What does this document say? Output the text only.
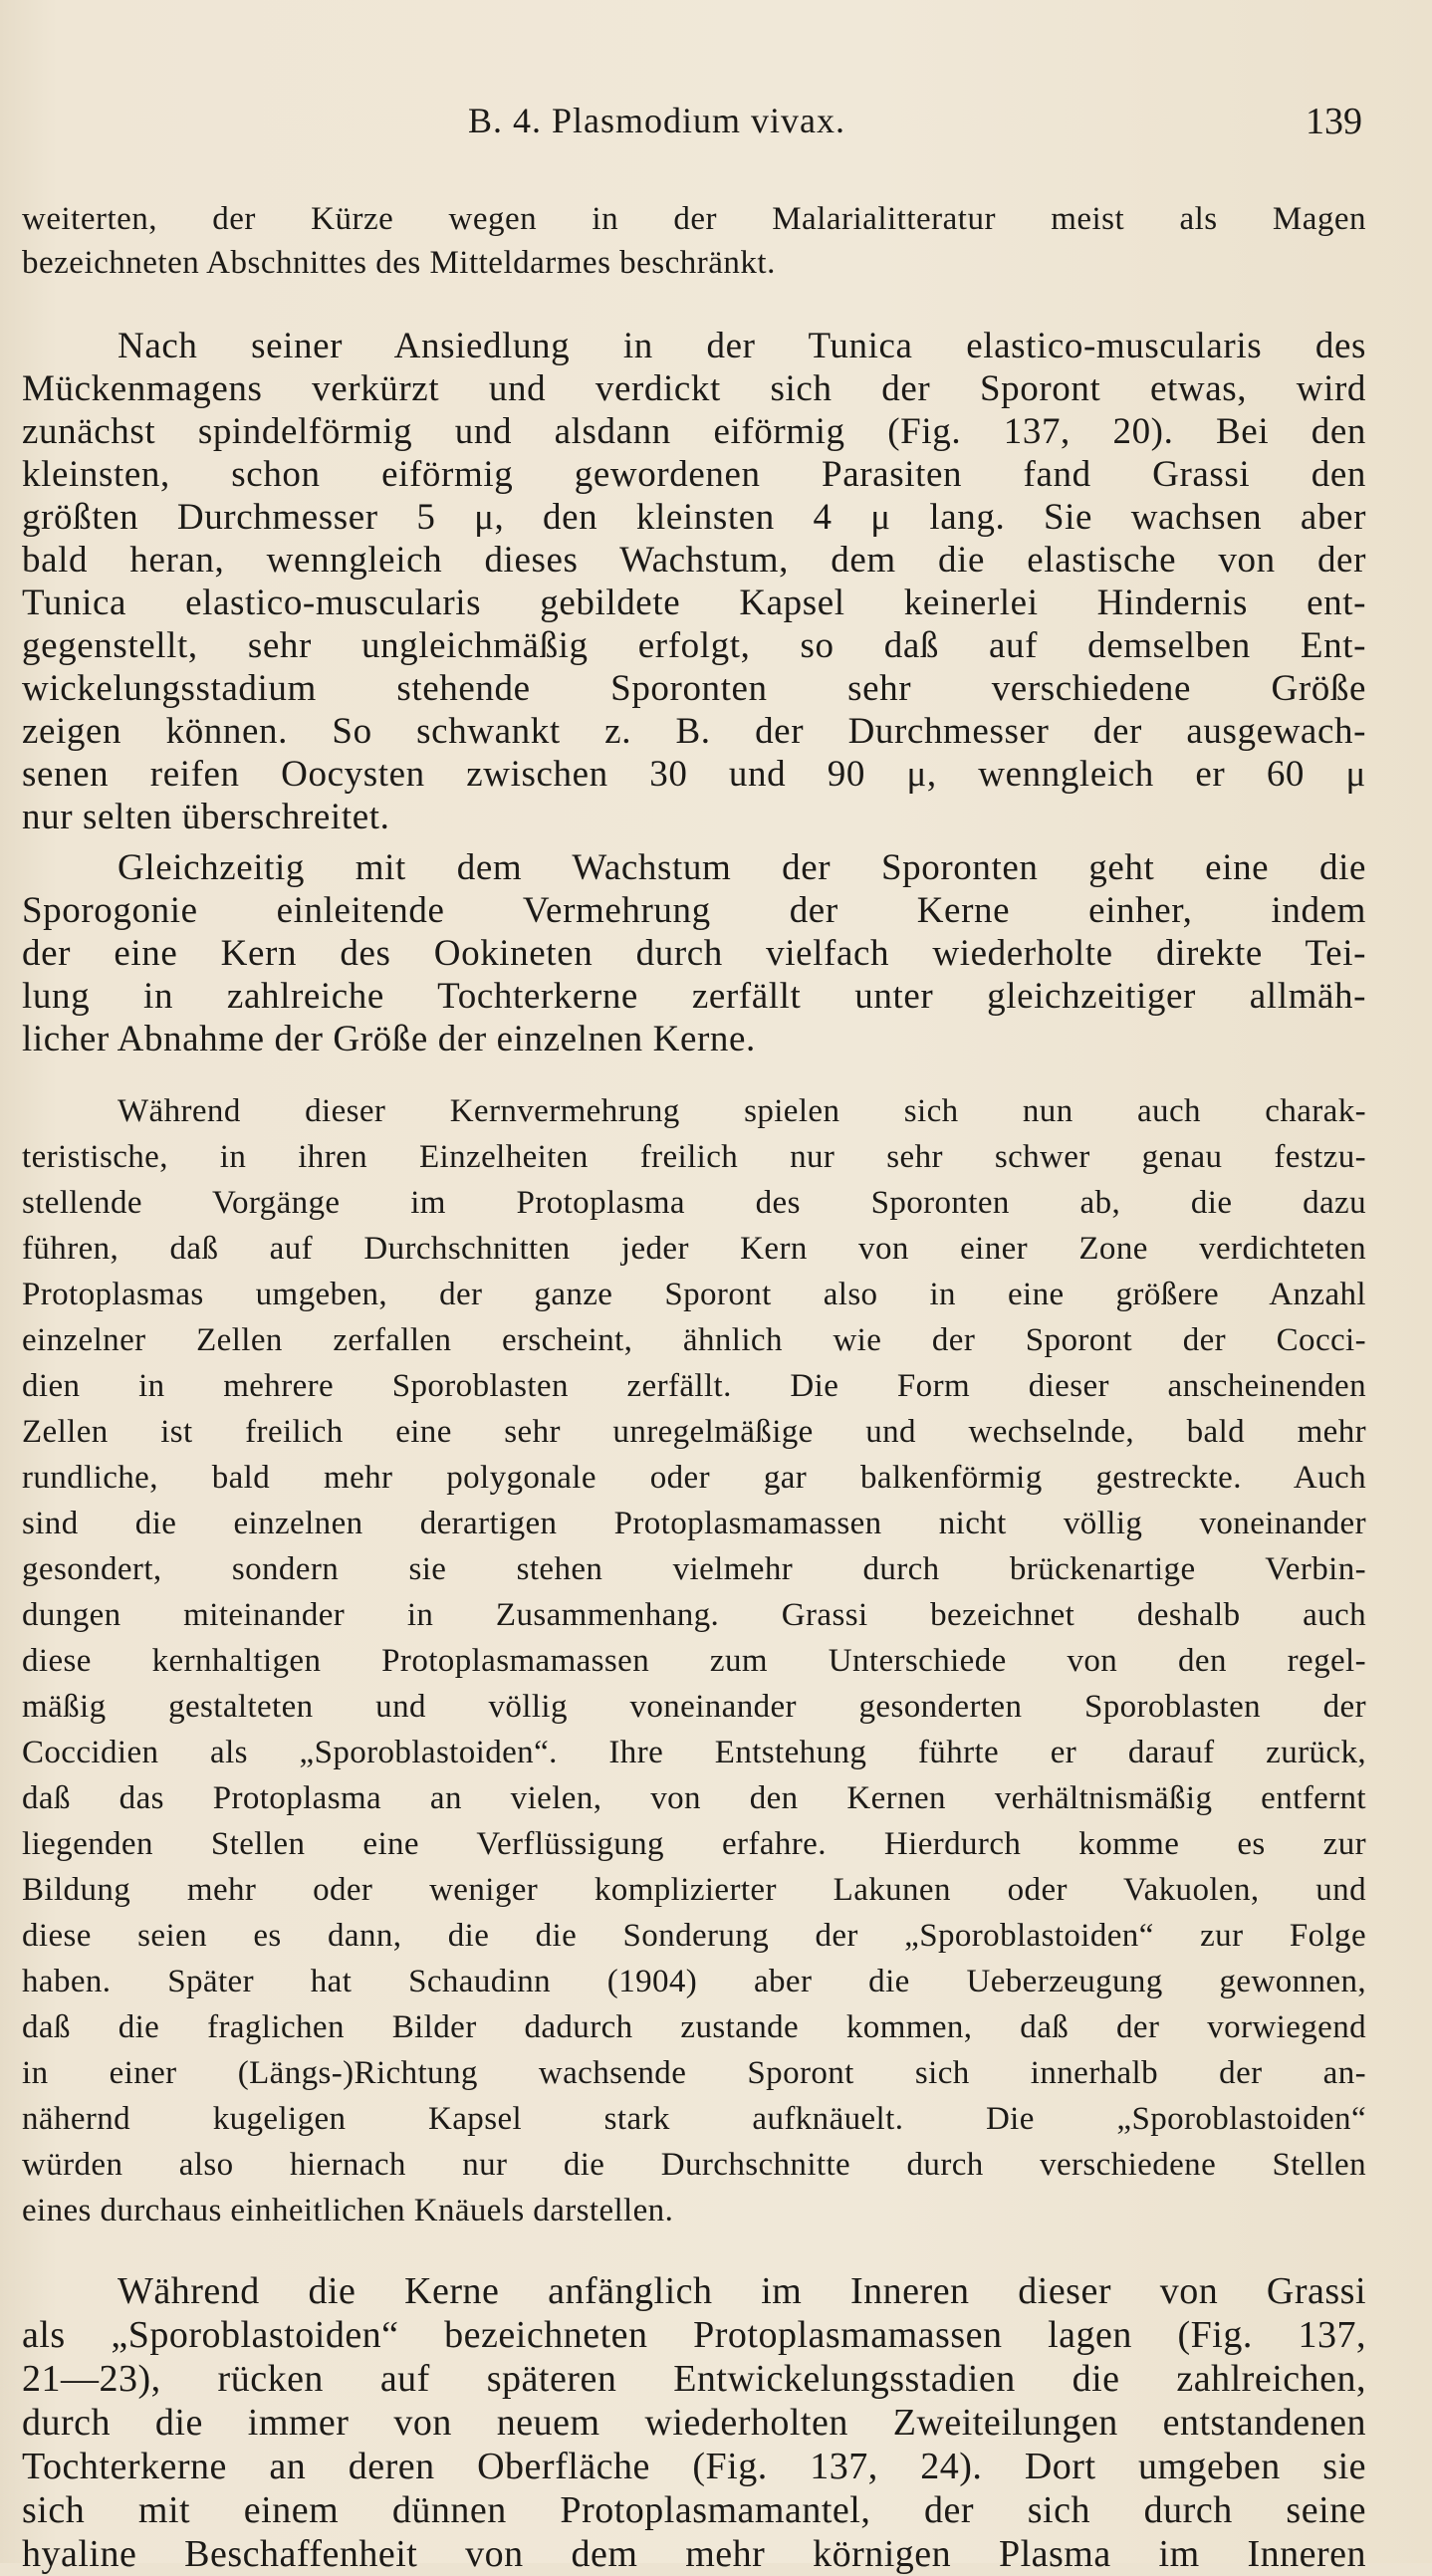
B. 4. Plasmodium vivax.	139
weiterten, der Kürze wegen in der Malarialitteratur meist als Magen
bezeichneten Abschnittes des Mitteldarmes beschränkt.
Nach seiner Ansiedlung in der Tunica elastico-muscularis des
Mückenmagens verkürzt und verdickt sich der Sporont etwas, wird
zunächst spindelförmig und alsdann eiförmig (Fig. 137, 20). Bei den
kleinsten, schon eiförmig gewordenen Parasiten fand Grassi den
größten Durchmesser 5 μ, den kleinsten 4 μ lang. Sie wachsen aber
bald heran, wenngleich dieses Wachstum, dem die elastische von der
Tunica elastico-muscularis gebildete Kapsel keinerlei Hindernis ent-
gegenstellt, sehr ungleichmäßig erfolgt, so daß auf demselben Ent-
wickelungsstadium stehende Sporonten sehr verschiedene Größe
zeigen können. So schwankt z. B. der Durchmesser der ausgewach-
senen reifen Oocysten zwischen 30 und 90 μ, wenngleich er 60 μ
nur selten überschreitet.
Gleichzeitig mit dem Wachstum der Sporonten geht eine die
Sporogonie einleitende Vermehrung der Kerne einher, indem
der eine Kern des Ookineten durch vielfach wiederholte direkte Tei-
lung in zahlreiche Tochterkerne zerfällt unter gleichzeitiger allmäh-
licher Abnahme der Größe der einzelnen Kerne.
Während dieser Kernvermehrung spielen sich nun auch charak-
teristische, in ihren Einzelheiten freilich nur sehr schwer genau festzu-
stellende Vorgänge im Protoplasma des Sporonten ab, die dazu
führen, daß auf Durchschnitten jeder Kern von einer Zone verdichteten
Protoplasmas umgeben, der ganze Sporont also in eine größere Anzahl
einzelner Zellen zerfallen erscheint, ähnlich wie der Sporont der Cocci-
dien in mehrere Sporoblasten zerfällt. Die Form dieser anscheinenden
Zellen ist freilich eine sehr unregelmäßige und wechselnde, bald mehr
rundliche, bald mehr polygonale oder gar balkenförmig gestreckte. Auch
sind die einzelnen derartigen Protoplasmamassen nicht völlig voneinander
gesondert, sondern sie stehen vielmehr durch brückenartige Verbin-
dungen miteinander in Zusammenhang. Grassi bezeichnet deshalb auch
diese kernhaltigen Protoplasmamassen zum Unterschiede von den regel-
mäßig gestalteten und völlig voneinander gesonderten Sporoblasten der
Coccidien als „Sporoblastoiden“. Ihre Entstehung führte er darauf zurück,
daß das Protoplasma an vielen, von den Kernen verhältnismäßig entfernt
liegenden Stellen eine Verflüssigung erfahre. Hierdurch komme es zur
Bildung mehr oder weniger komplizierter Lakunen oder Vakuolen, und
diese seien es dann, die die Sonderung der „Sporoblastoiden“ zur Folge
haben. Später hat Schaudinn (1904) aber die Ueberzeugung gewonnen,
daß die fraglichen Bilder dadurch zustande kommen, daß der vorwiegend
in einer (Längs-)Richtung wachsende Sporont sich innerhalb der an-
nähernd kugeligen Kapsel stark aufknäuelt. Die „Sporoblastoiden“
würden also hiernach nur die Durchschnitte durch verschiedene Stellen
eines durchaus einheitlichen Knäuels darstellen.
Während die Kerne anfänglich im Inneren dieser von Grassi
als „Sporoblastoiden“ bezeichneten Protoplasmamassen lagen (Fig. 137,
21—23), rücken auf späteren Entwickelungsstadien die zahlreichen,
durch die immer von neuem wiederholten Zweiteilungen entstandenen
Tochterkerne an deren Oberfläche (Fig. 137, 24). Dort umgeben sie
sich mit einem dünnen Protoplasmamantel, der sich durch seine
hyaline Beschaffenheit von dem mehr körnigen Plasma im Inneren
